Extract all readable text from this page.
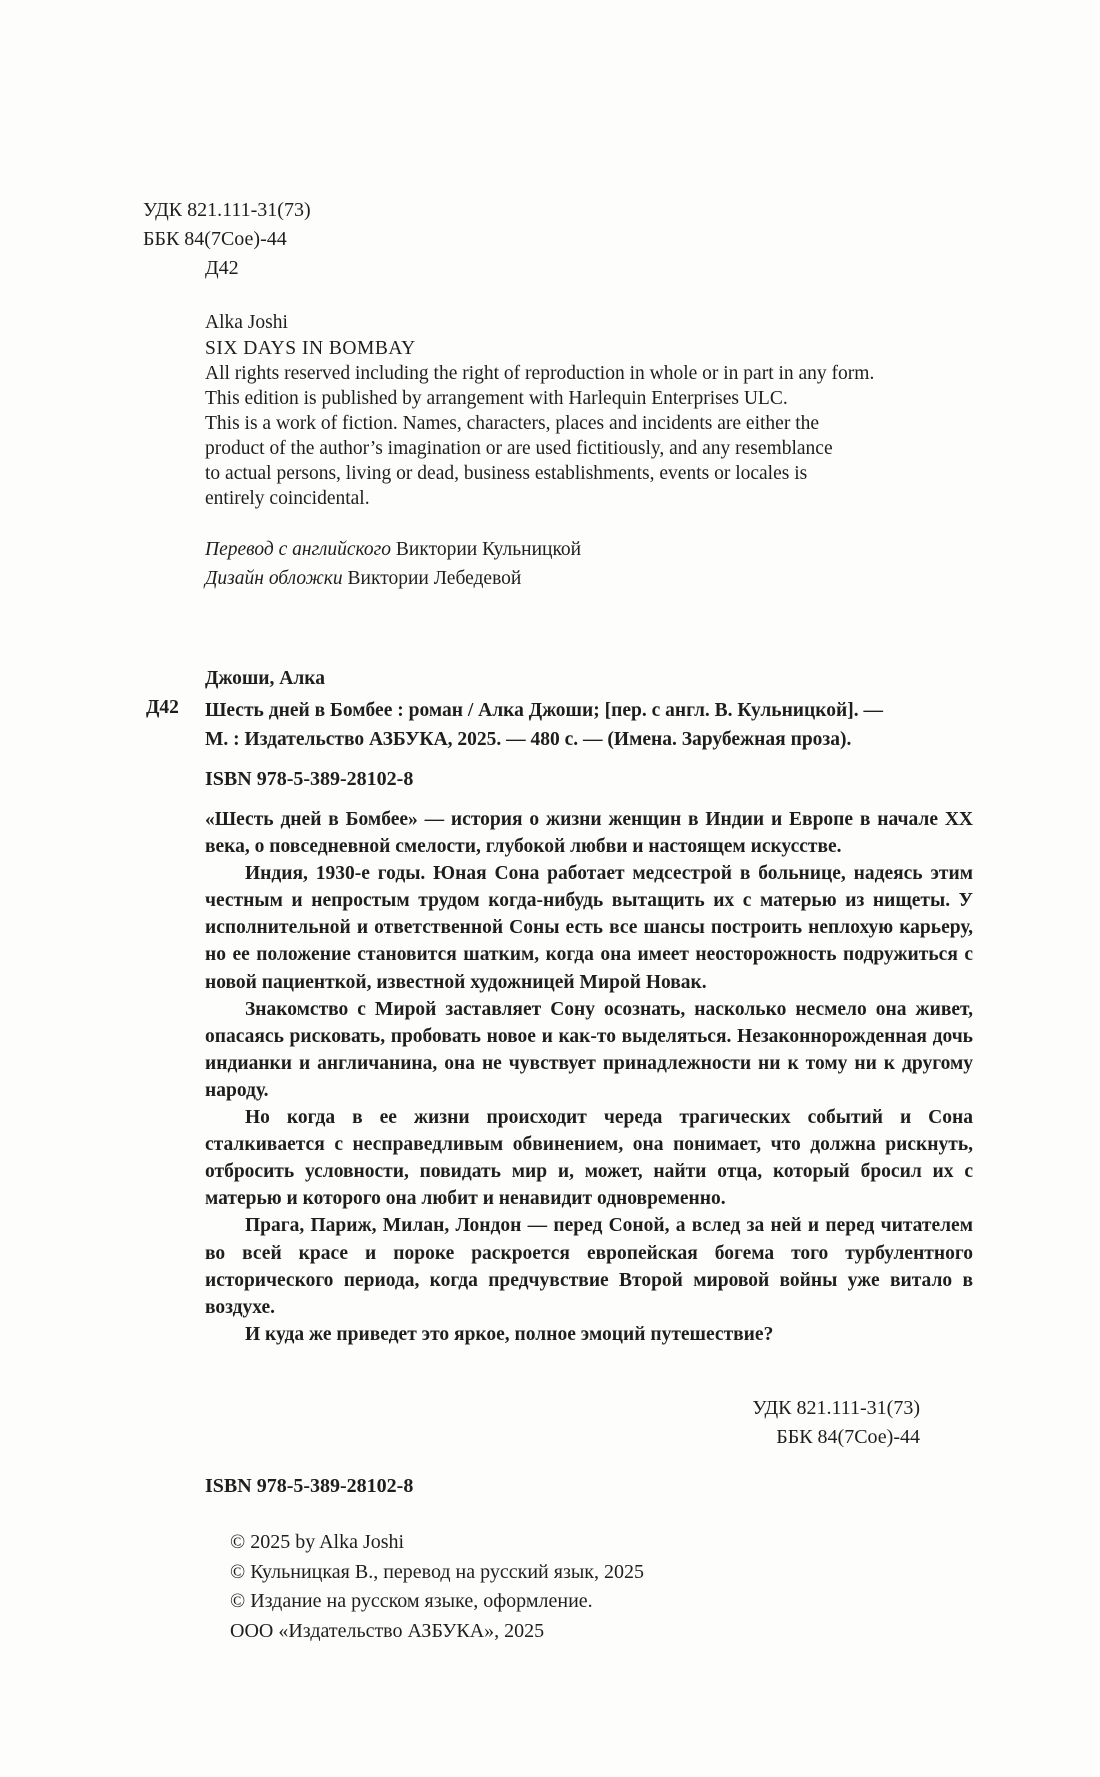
УДК 821.111-31(73)
ББК 84(7Сое)-44
Д42
Alka Joshi
SIX DAYS IN BOMBAY
All rights reserved including the right of reproduction in whole or in part in any form.
This edition is published by arrangement with Harlequin Enterprises ULC.
This is a work of fiction. Names, characters, places and incidents are either the
product of the author’s imagination or are used fictitiously, and any resemblance
to actual persons, living or dead, business establishments, events or locales is
entirely coincidental.
Перевод с английского Виктории Кульницкой
Дизайн обложки Виктории Лебедевой
Джоши, Алка
Д42 Шесть дней в Бомбее : роман / Алка Джоши; [пер. с англ. В. Кульницкой]. —
М. : Издательство АЗБУКА, 2025. — 480 с. — (Имена. Зарубежная проза).
ISBN 978-5-389-28102-8
«Шесть дней в Бомбее» — история о жизни женщин в Индии и Европе в начале XX века, о повседневной смелости, глубокой любви и настоящем искусстве.
Индия, 1930-е годы. Юная Сона работает медсестрой в больнице, надеясь этим честным и непростым трудом когда-нибудь вытащить их с матерью из нищеты. У исполнительной и ответственной Соны есть все шансы построить неплохую карьеру, но ее положение становится шатким, когда она имеет неосторожность подружиться с новой пациенткой, известной художницей Мирой Новак.
Знакомство с Мирой заставляет Сону осознать, насколько несмело она живет, опасаясь рисковать, пробовать новое и как-то выделяться. Незаконнорожденная дочь индианки и англичанина, она не чувствует принадлежности ни к тому ни к другому народу.
Но когда в ее жизни происходит череда трагических событий и Сона сталкивается с несправедливым обвинением, она понимает, что должна рискнуть, отбросить условности, повидать мир и, может, найти отца, который бросил их с матерью и которого она любит и ненавидит одновременно.
Прага, Париж, Милан, Лондон — перед Соной, а вслед за ней и перед читателем во всей красе и пороке раскроется европейская богема того турбулентного исторического периода, когда предчувствие Второй мировой войны уже витало в воздухе.
И куда же приведет это яркое, полное эмоций путешествие?
УДК 821.111-31(73)
ББК 84(7Сое)-44
ISBN 978-5-389-28102-8
© 2025 by Alka Joshi
© Кульницкая В., перевод на русский язык, 2025
© Издание на русском языке, оформление.
ООО «Издательство АЗБУКА», 2025
